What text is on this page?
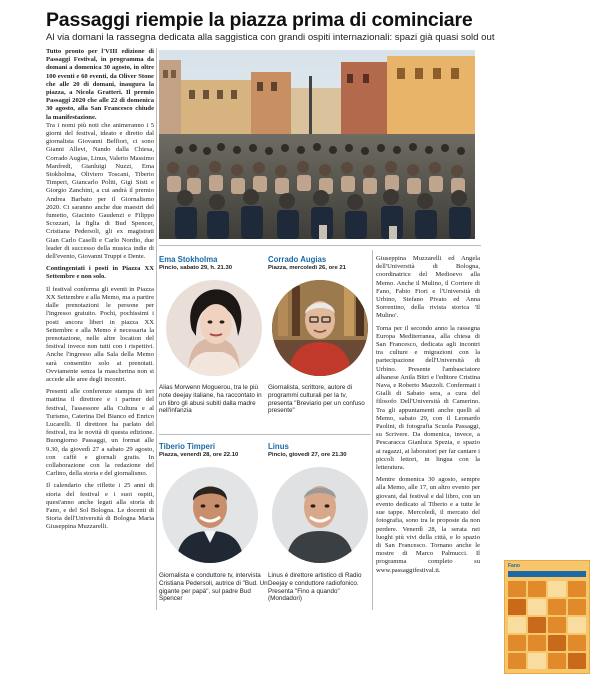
Passaggi riempie la piazza prima di cominciare
Al via domani la rassegna dedicata alla saggistica con grandi ospiti internazionali: spazi già quasi sold out

Tutto pronto per l'VIII edizione di Passaggi Festival, in programma da domani a domenica 30 agosto, in oltre 100 eventi e 60 eventi, da Oliver Stone che alle 20 di domani, inaugura la piazza, a Nicola Gratteri. Il premio Passaggi 2020 che alle 22 di domenica 30 agosto, alla San Francesco chiude la manifestazione.

Tra i nomi più noti che animeranno i 5 giorni del festival, ideato e diretto dal giornalista Giovanni Belfiori, ci sono Gianni Allevi, Nando dalla Chiesa, Corrado Augias, Linus, Valerio Massimo Manfredi, Gianluigi Nuzzi, Ema Stokholma, Oliviero Toscani, Tiberio Timperi, Giancarlo Politi, Gigi Sisti e Giorgio Zanchini, a cui andrà il premio Andrea Barbato per il Giornalismo 2020. Ci saranno anche due maestri del fumetto, Giacinto Gaudenzi e Filippo Scozzari, la figlia di Bud Spencer, Cristiana Pedersoli, gli ex magistrati Gian Carlo Caselli e Carlo Nordio, due leader di successo della musica indie di dell'evento, Giovanni Truppi e Dente.

Contingentati i posti in Piazza XX Settembre e non solo.

Il festival conferma gli eventi in Piazza XX Settembre e alla Memo, ma a partire dalle prenotazioni le persone per l'ingresso gratuito. Pochi, pochissimi i posti ancora liberi in piazza XX Settembre e alla Memo è necessaria la prenotazione, nelle altre location del festival invece non tutti con i rispettivi. Anche l'ingresso alla Sala della Memo sarà consentito solo ai prenotati. Ovviamente senza la mascherina non si accede alle aree degli incontri.

Presenti alle conferenze stampa di ieri mattina il direttore e i partner del festival, l'assessore alla Cultura e al Turismo, Caterina Del Bianco ed Enrico Lucarelli. Il direttore ha parlato del festival, tra le novità di questa edizione. Buongiorno Passaggi, un format alle 9.30, da giovedì 27 a sabato 29 agosto, con caffè e giornali gratis. In collaborazione con la redazione del Carlino, della storia e del giornalismo.

Il calendario che riflette i 25 anni di storia del festival e i suoi ospiti, quest'anno anche legati alla storia di Fano, e del Sol Bologna. Le docenti di Storia dell'Università di Bologna Maria Giuseppina Muzzarelli.

Ema Stokholma
Pincio, sabato 29, h. 21.30
Alias Morwenn Moguerou, tra le più note deejay italiane, ha raccontato in un libro gli abusi subiti dalla madre nell'infanzia
Corrado Augias
Piazza, mercoledì 26, ore 21
Giornalista, scrittore, autore di programmi culturali per la tv, presenta "Breviario per un confuso presente"
Tiberio Timperi
Piazza, venerdì 28, ore 22.10
Giornalista e conduttore tv, intervista Cristiana Pedersoli, autrice di "Bud. Un gigante per papà", sul padre Bud Spencer
Linus
Pincio, giovedì 27, ore 21.30
Linus è direttore artistico di Radio Deejay e conduttore radiofonico. Presenta "Fino a quando" (Mondadori)

Giuseppina Muzzarelli ed Angela dell'Università di Bologna, coordinatrice del Medioevo alla Memo. Anche il Mulino, il Corriere di Fano, Fabio Fiori e l'Università di Urbino, Stefano Pivato ed Anna Sorrentino, della rivista storica 'Il Mulino'.

Torna per il secondo anno la rassegna Europa Mediterranea, alla chiesa di San Francesco, dedicata agli incontri tra culture e migrazioni con la partecipazione dell'Università di Urbino. Presente l'ambasciatore albanese Anila Bitri e l'editore Cristina Nava, e Roberto Mazzoli. Confermati i Gialli di Sabato sera, a cura del filosofo Dell'Università di Camerino. Tra gli appuntamenti anche quelli al Memo, sabato 29, con il Leonardo Paolini, di fotografia Scuola Passaggi, su Scrivere. Da domenica, invece, a Pescaracca Gianluca Spezia, e spazio ai ragazzi, ai laboratori per far cantare i piccoli lettori, in lingua con la letteratura.

Mentre domenica 30 agosto, sempre alla Memo, alle 17, un altro evento per giovani, dal festival e dal libro, con un evento dedicato al Tiberio e a tutte le sue tappe. Mercoledì, il mercato del fotografia, sono tra le proposte da non perdere. Venerdì 28, la serata nei luoghi più vivi della città, e lo spazio di San Francesco. Tornano anche le mostre di Marco Palmucci. Il programma completo su www.passaggifestival.it.

Fano
